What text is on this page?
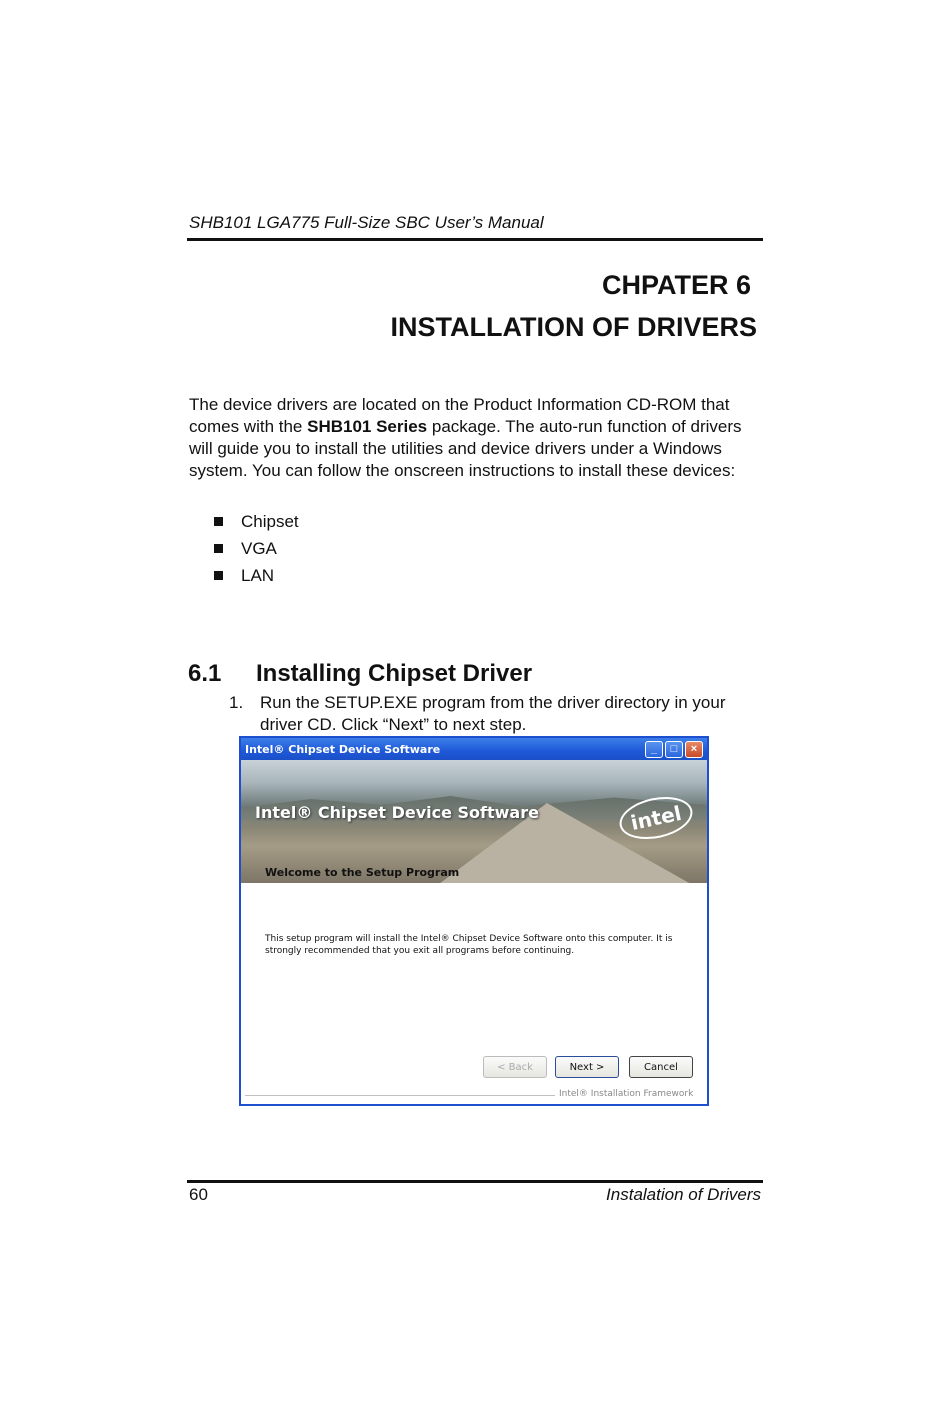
SHB101 LGA775 Full-Size SBC User’s Manual
CHPATER 6
INSTALLATION OF DRIVERS
The device drivers are located on the Product Information CD-ROM that comes with the SHB101 Series package. The auto-run function of drivers will guide you to install the utilities and device drivers under a Windows system. You can follow the onscreen instructions to install these devices:
Chipset
VGA
LAN
6.1 Installing Chipset Driver
1. Run the SETUP.EXE program from the driver directory in your driver CD. Click “Next” to next step.
Intel® Chipset Device Software	_	□	×
Intel® Chipset Device Software	intel
Welcome to the Setup Program
This setup program will install the Intel® Chipset Device Software onto this computer. It is strongly recommended that you exit all programs before continuing.
< Back	Next >	Cancel
Intel® Installation Framework
60	Instalation of Drivers
